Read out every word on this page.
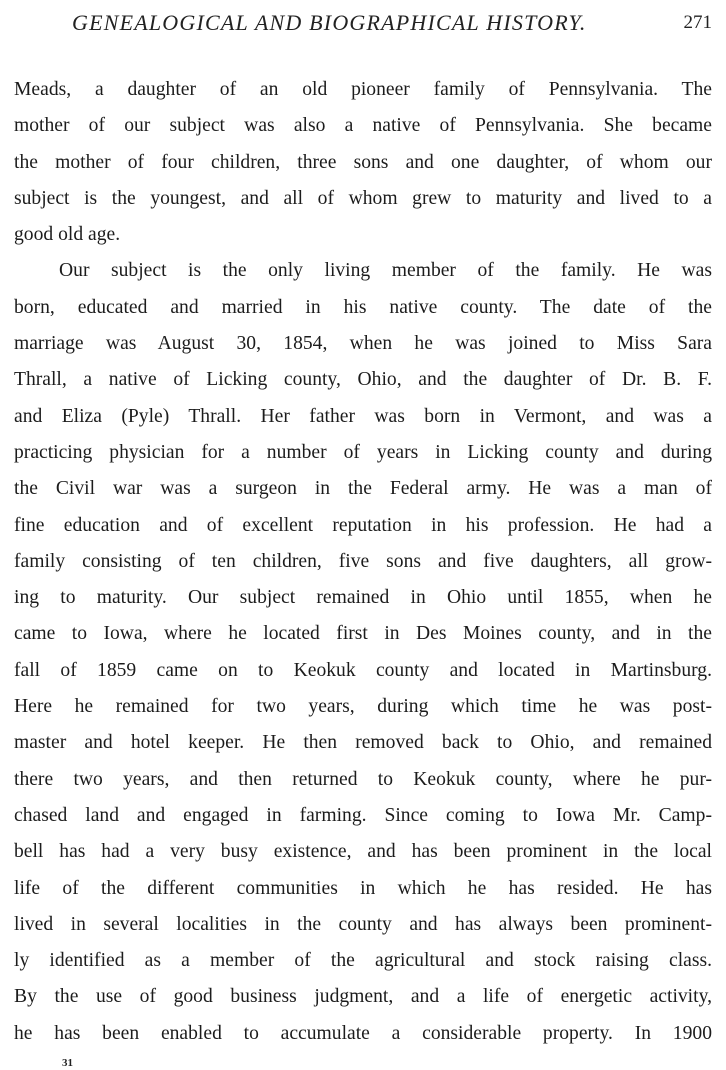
GENEALOGICAL AND BIOGRAPHICAL HISTORY.	271
Meads, a daughter of an old pioneer family of Pennsylvania. The
mother of our subject was also a native of Pennsylvania. She became
the mother of four children, three sons and one daughter, of whom our
subject is the youngest, and all of whom grew to maturity and lived to a
good old age.
Our subject is the only living member of the family. He was
born, educated and married in his native county. The date of the
marriage was August 30, 1854, when he was joined to Miss Sara
Thrall, a native of Licking county, Ohio, and the daughter of Dr. B. F.
and Eliza (Pyle) Thrall. Her father was born in Vermont, and was a
practicing physician for a number of years in Licking county and during
the Civil war was a surgeon in the Federal army. He was a man of
fine education and of excellent reputation in his profession. He had a
family consisting of ten children, five sons and five daughters, all grow-
ing to maturity. Our subject remained in Ohio until 1855, when he
came to Iowa, where he located first in Des Moines county, and in the
fall of 1859 came on to Keokuk county and located in Martinsburg.
Here he remained for two years, during which time he was post-
master and hotel keeper. He then removed back to Ohio, and remained
there two years, and then returned to Keokuk county, where he pur-
chased land and engaged in farming. Since coming to Iowa Mr. Camp-
bell has had a very busy existence, and has been prominent in the local
life of the different communities in which he has resided. He has
lived in several localities in the county and has always been prominent-
ly identified as a member of the agricultural and stock raising class.
By the use of good business judgment, and a life of energetic activity,
he has been enabled to accumulate a considerable property. In 1900
31
